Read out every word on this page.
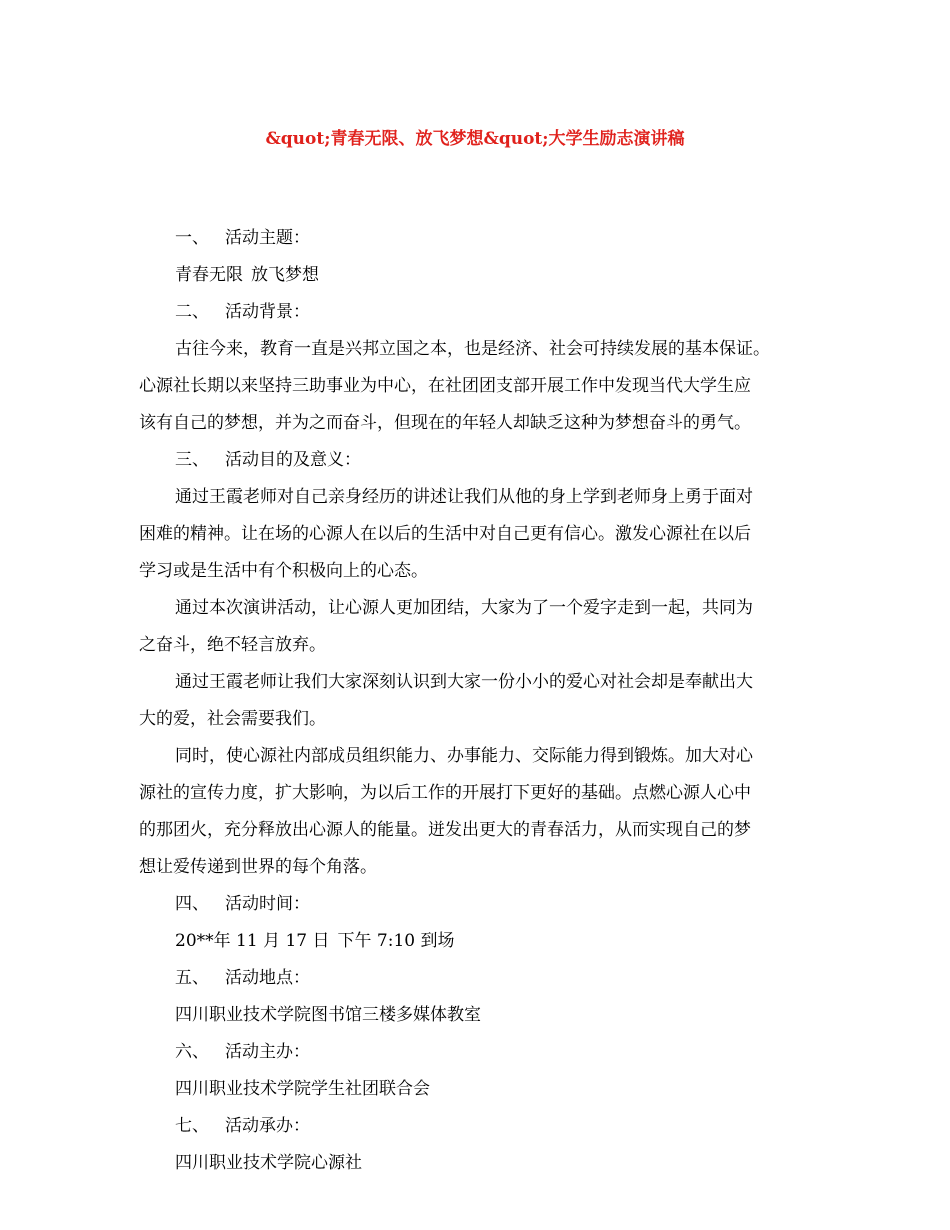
&quot;青春无限、放飞梦想&quot;大学生励志演讲稿

一、 活动主题：

青春无限 放飞梦想

二、 活动背景：

古往今来，教育一直是兴邦立国之本，也是经济、社会可持续发展的基本保证。

心源社长期以来坚持三助事业为中心，在社团团支部开展工作中发现当代大学生应

该有自己的梦想，并为之而奋斗，但现在的年轻人却缺乏这种为梦想奋斗的勇气。

三、 活动目的及意义：

通过王霞老师对自己亲身经历的讲述让我们从他的身上学到老师身上勇于面对

困难的精神。让在场的心源人在以后的生活中对自己更有信心。激发心源社在以后

学习或是生活中有个积极向上的心态。

通过本次演讲活动，让心源人更加团结，大家为了一个爱字走到一起，共同为

之奋斗，绝不轻言放弃。

通过王霞老师让我们大家深刻认识到大家一份小小的爱心对社会却是奉献出大

大的爱，社会需要我们。

同时，使心源社内部成员组织能力、办事能力、交际能力得到锻炼。加大对心

源社的宣传力度，扩大影响，为以后工作的开展打下更好的基础。点燃心源人心中

的那团火，充分释放出心源人的能量。迸发出更大的青春活力，从而实现自己的梦

想让爱传递到世界的每个角落。

四、 活动时间：

20**年 11 月 17 日 下午 7:10 到场

五、 活动地点：

四川职业技术学院图书馆三楼多媒体教室

六、 活动主办：

四川职业技术学院学生社团联合会

七、 活动承办：

四川职业技术学院心源社
